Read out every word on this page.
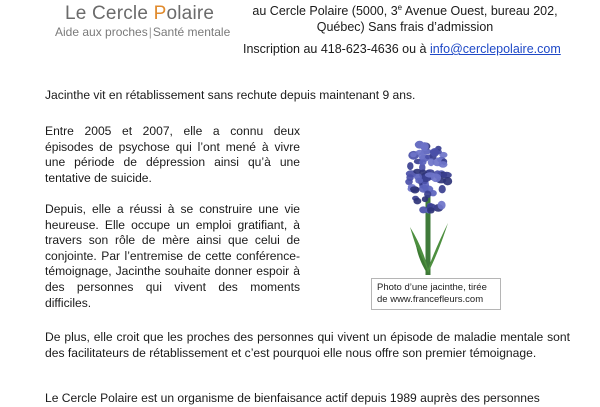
Le Cercle Polaire
Aide aux proches|Santé mentale
au Cercle Polaire (5000, 3e Avenue Ouest, bureau 202,
Québec) Sans frais d’admission
Inscription au 418-623-4636 ou à info@cerclepolaire.com

Jacinthe vit en rétablissement sans rechute depuis maintenant 9 ans.

Entre 2005 et 2007, elle a connu deux épisodes de psychose qui l’ont mené à vivre une période de dépression ainsi qu’à une tentative de suicide.

Depuis, elle a réussi à se construire une vie heureuse. Elle occupe un emploi gratifiant, à travers son rôle de mère ainsi que celui de conjointe. Par l’entremise de cette conférence-témoignage, Jacinthe souhaite donner espoir à des personnes qui vivent des moments difficiles.

Photo d’une jacinthe, tirée
de www.francefleurs.com

De plus, elle croit que les proches des personnes qui vivent un épisode de maladie mentale sont des facilitateurs de rétablissement et c’est pourquoi elle nous offre son premier témoignage.

Le Cercle Polaire est un organisme de bienfaisance actif depuis 1989 auprès des personnes
